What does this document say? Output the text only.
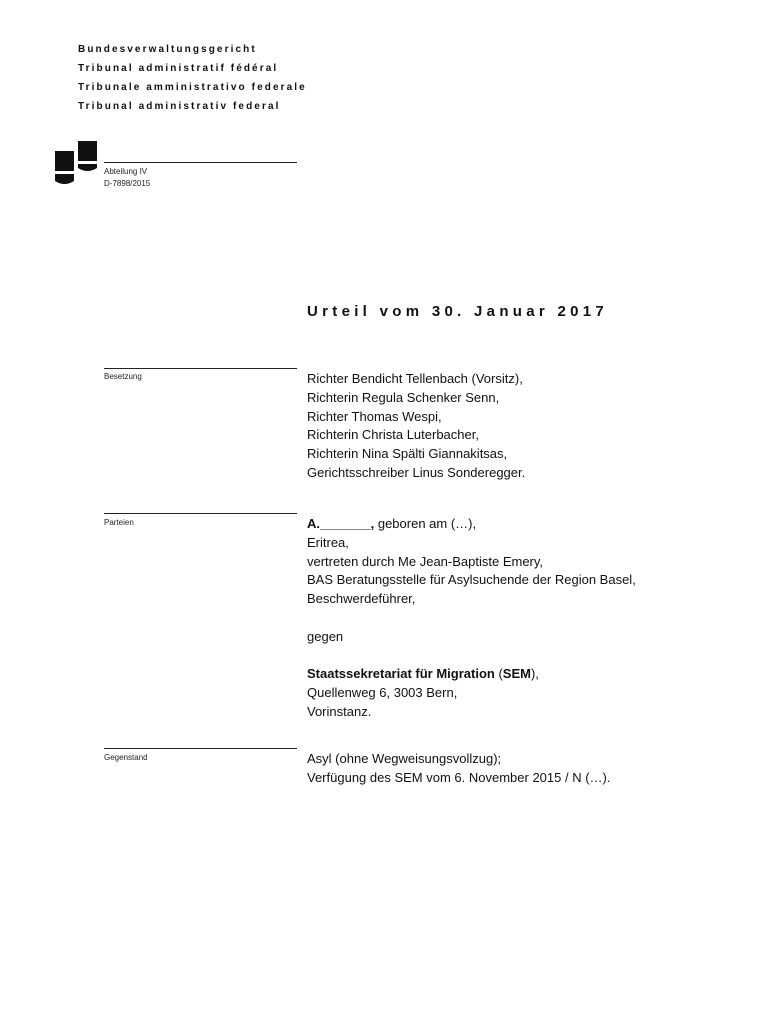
Bundesverwaltungsgericht
Tribunal administratif fédéral
Tribunale amministrativo federale
Tribunal administrativ federal
Abteilung IV
D-7898/2015
Urteil vom 30. Januar 2017
Besetzung	Richter Bendicht Tellenbach (Vorsitz),
Richterin Regula Schenker Senn,
Richter Thomas Wespi,
Richterin Christa Luterbacher,
Richterin Nina Spälti Giannakitsas,
Gerichtsschreiber Linus Sonderegger.
Parteien	A._______, geboren am (…),
Eritrea,
vertreten durch Me Jean-Baptiste Emery,
BAS Beratungsstelle für Asylsuchende der Region Basel,
Beschwerdeführer,
gegen
Staatssekretariat für Migration (SEM),
Quellenweg 6, 3003 Bern,
Vorinstanz.
Gegenstand	Asyl (ohne Wegweisungsvollzug);
Verfügung des SEM vom 6. November 2015 / N (…).
